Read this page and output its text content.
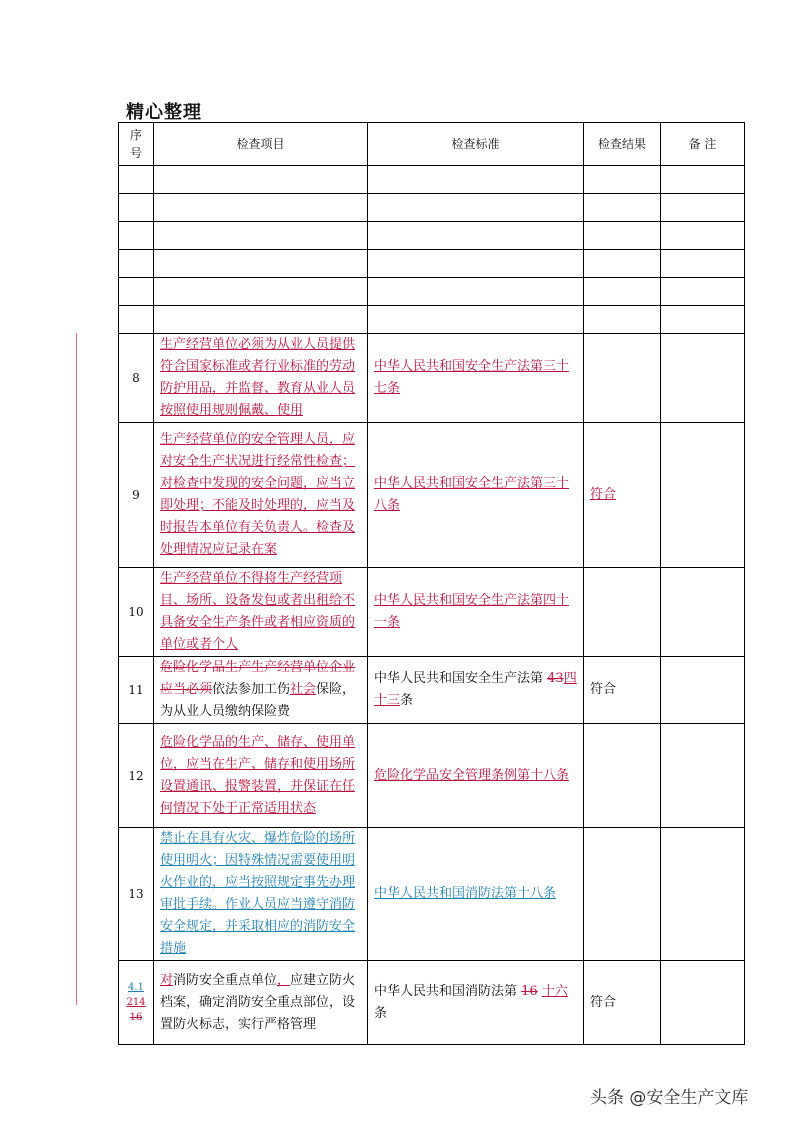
精心整理
序号	检查项目	检查标准	检查结果	备 注

8	生产经营单位必须为从业人员提供符合国家标准或者行业标准的劳动防护用品，并监督、教育从业人员按照使用规则佩戴、使用	中华人民共和国安全生产法第三十七条		
9	生产经营单位的安全管理人员，应对安全生产状况进行经常性检查；对检查中发现的安全问题，应当立即处理；不能及时处理的，应当及时报告本单位有关负责人。检查及处理情况应记录在案	中华人民共和国安全生产法第三十八条	符合	
10	生产经营单位不得将生产经营项目、场所、设备发包或者出租给不具备安全生产条件或者相应资质的单位或者个人	中华人民共和国安全生产法第四十一条		
11	危险化学品生产生产经营单位企业应当必须依法参加工伤社会保险，为从业人员缴纳保险费	中华人民共和国安全生产法第 43四十三条	符合	
12	危险化学品的生产、储存、使用单位，应当在生产、储存和使用场所设置通讯、报警装置，并保证在任何情况下处于正常适用状态	危险化学品安全管理条例第十八条		
13	禁止在具有火灾、爆炸危险的场所使用明火；因特殊情况需要使用明火作业的，应当按照规定事先办理审批手续。作业人员应当遵守消防安全规定，并采取相应的消防安全措施	中华人民共和国消防法第十八条		

4.1
214
16	对消防安全重点单位，应建立防火档案，确定消防安全重点部位，设置防火标志，实行严格管理	中华人民共和国消防法第 16 十六条	符合	
头条 @安全生产文库
